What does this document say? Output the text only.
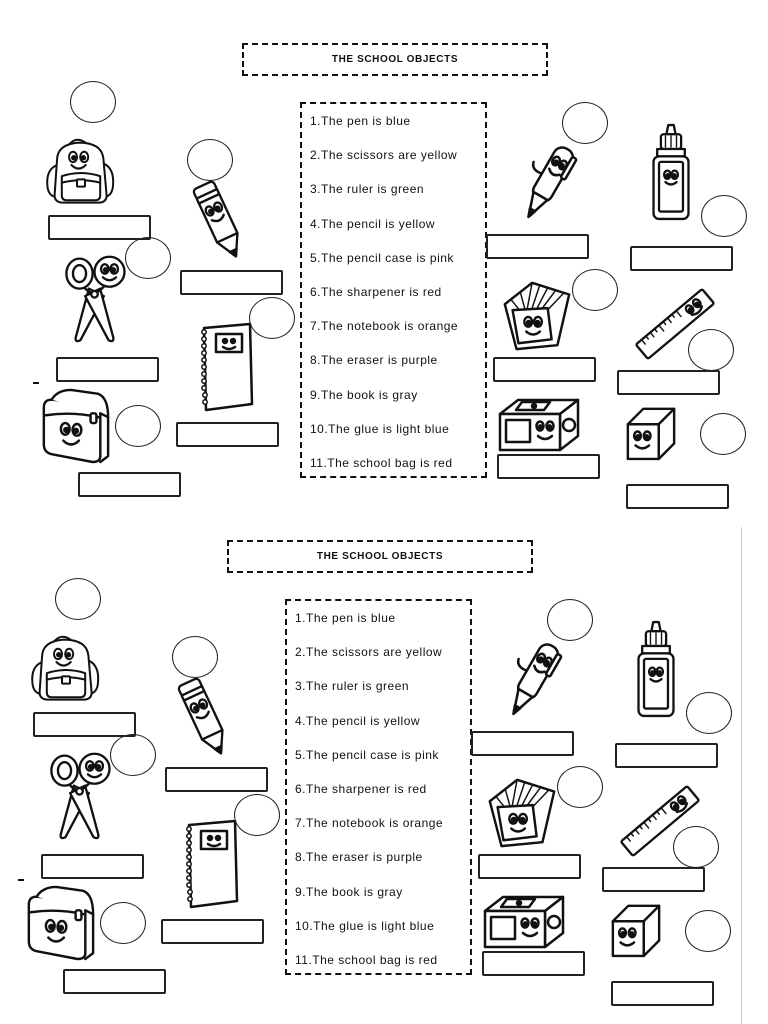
THE SCHOOL OBJECTS
1.The pen is blue
2.The scissors are yellow
3.The ruler is green
4.The pencil is yellow
5.The pencil case is pink
6.The sharpener is red
7.The notebook is orange
8.The eraser is purple
9.The book is gray
10.The glue is light blue
11.The school bag is red
THE SCHOOL OBJECTS
1.The pen is blue
2.The scissors are yellow
3.The ruler is green
4.The pencil is yellow
5.The pencil case is pink
6.The sharpener is red
7.The notebook is orange
8.The eraser is purple
9.The book is gray
10.The glue is light blue
11.The school bag is red
